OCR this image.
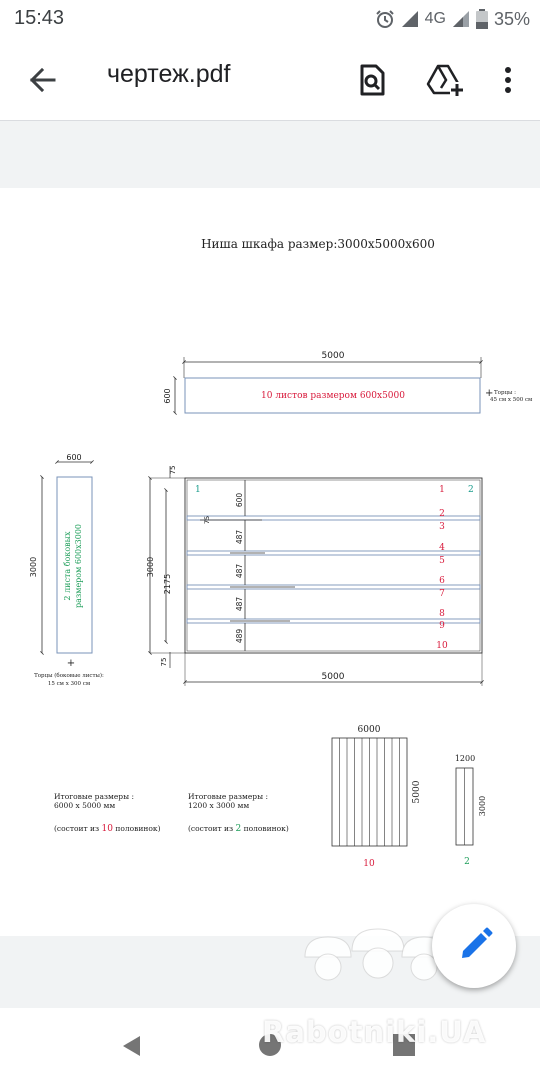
15:43	4G	35%
чертеж.pdf
Ниша шкафа размер:3000x5000x600
5000
600	10 листов размером 600x5000	+ Торцы :
45 см x 500 см
600
3000	2 листа боковых размером 600x3000
+
Торцы (боковые листы):
15 см x 300 см
75
3000
2175
75
600
487
487
487
489
75
1	2
1
2
3
4
5
6
7
8
9
10
5000
Итоговые размеры :
6000 x 5000 мм
(состоит из 10 половинок)
Итоговые размеры :
1200 x 3000 мм
(состоит из 2 половинок)
6000
5000
10
1200
3000
2
Rabotniki.UA
